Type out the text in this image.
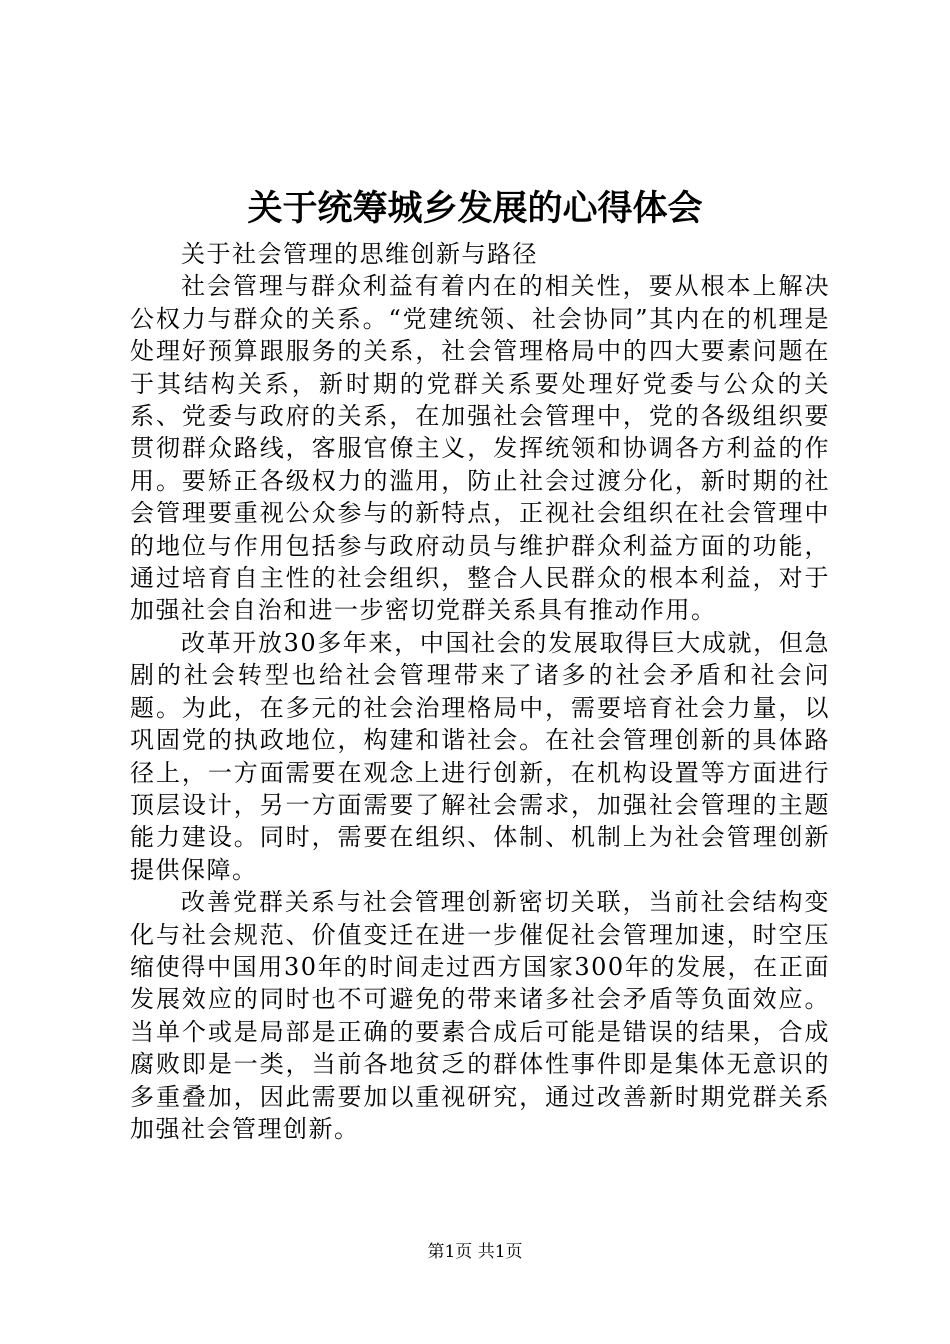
关于统筹城乡发展的心得体会

关于社会管理的思维创新与路径

社会管理与群众利益有着内在的相关性，要从根本上解决公权力与群众的关系。“党建统领、社会协同”其内在的机理是处理好预算跟服务的关系，社会管理格局中的四大要素问题在于其结构关系，新时期的党群关系要处理好党委与公众的关系、党委与政府的关系，在加强社会管理中，党的各级组织要贯彻群众路线，客服官僚主义，发挥统领和协调各方利益的作用。要矫正各级权力的滥用，防止社会过渡分化，新时期的社会管理要重视公众参与的新特点，正视社会组织在社会管理中的地位与作用包括参与政府动员与维护群众利益方面的功能，通过培育自主性的社会组织，整合人民群众的根本利益，对于加强社会自治和进一步密切党群关系具有推动作用。

改革开放30多年来，中国社会的发展取得巨大成就，但急剧的社会转型也给社会管理带来了诸多的社会矛盾和社会问题。为此，在多元的社会治理格局中，需要培育社会力量，以巩固党的执政地位，构建和谐社会。在社会管理创新的具体路径上，一方面需要在观念上进行创新，在机构设置等方面进行顶层设计，另一方面需要了解社会需求，加强社会管理的主题能力建设。同时，需要在组织、体制、机制上为社会管理创新提供保障。

改善党群关系与社会管理创新密切关联，当前社会结构变化与社会规范、价值变迁在进一步催促社会管理加速，时空压缩使得中国用30年的时间走过西方国家300年的发展，在正面发展效应的同时也不可避免的带来诸多社会矛盾等负面效应。当单个或是局部是正确的要素合成后可能是错误的结果，合成腐败即是一类，当前各地贫乏的群体性事件即是集体无意识的多重叠加，因此需要加以重视研究，通过改善新时期党群关系加强社会管理创新。

第1页 共1页
